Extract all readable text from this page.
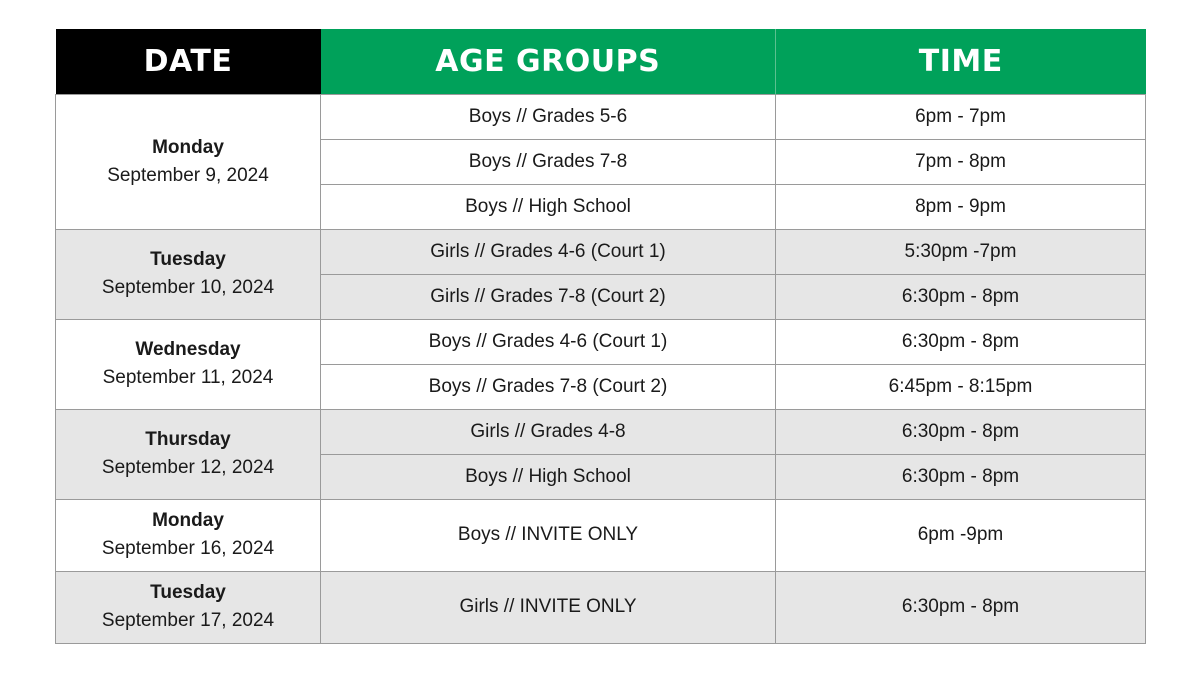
DATE	AGE GROUPS	TIME

Monday
September 9, 2024	Boys // Grades 5-6	6pm - 7pm
	Boys // Grades 7-8	7pm - 8pm
	Boys // High School	8pm - 9pm

Tuesday
September 10, 2024	Girls // Grades 4-6 (Court 1)	5:30pm -7pm
	Girls // Grades 7-8 (Court 2)	6:30pm - 8pm

Wednesday
September 11, 2024	Boys // Grades 4-6 (Court 1)	6:30pm - 8pm
	Boys // Grades 7-8 (Court 2)	6:45pm - 8:15pm

Thursday
September 12, 2024	Girls // Grades 4-8	6:30pm - 8pm
	Boys // High School	6:30pm - 8pm

Monday
September 16, 2024	Boys // INVITE ONLY	6pm -9pm

Tuesday
September 17, 2024	Girls // INVITE ONLY	6:30pm - 8pm
